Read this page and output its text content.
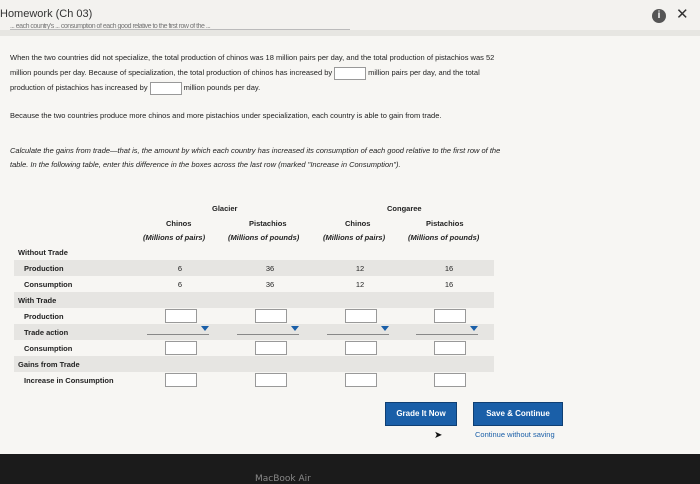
Homework (Ch 03)	i	✕
... each country's ... consumption of each good relative to the first row of the ...
When the two countries did not specialize, the total production of chinos was 18 million pairs per day, and the total production of pistachios was 52
million pounds per day. Because of specialization, the total production of chinos has increased by	million pairs per day, and the total
production of pistachios has increased by	million pounds per day.
Because the two countries produce more chinos and more pistachios under specialization, each country is able to gain from trade.
Calculate the gains from trade—that is, the amount by which each country has increased its consumption of each good relative to the first row of the
table. In the following table, enter this difference in the boxes across the last row (marked "Increase in Consumption").
Glacier	Congaree
Chinos	Pistachios	Chinos	Pistachios
(Millions of pairs)	(Millions of pounds)	(Millions of pairs)	(Millions of pounds)
Without Trade
Production	6	36	12	16
Consumption	6	36	12	16
With Trade
Production
Trade action
Consumption
Gains from Trade
Increase in Consumption
Grade It Now	Save & Continue
➤	Continue without saving
MacBook Air
